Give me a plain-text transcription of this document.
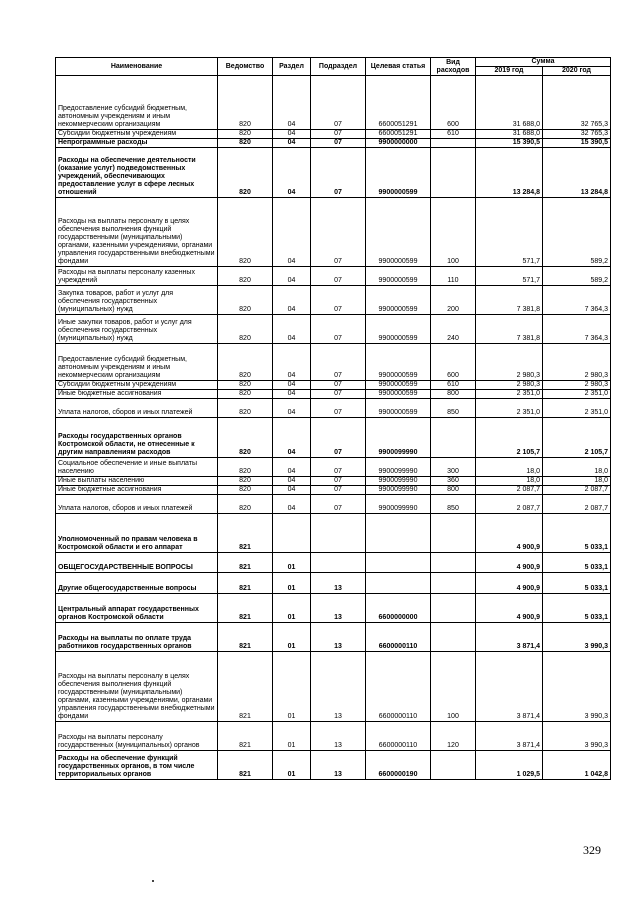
Наименование	Ведомство	Раздел	Подраздел	Целевая статья	Вид расходов	Сумма	
						2019 год	2020 год
Предоставление субсидий бюджетным, автономным учреждениям и иным некоммерческим организациям	820	04	07	6600051291	600	31 688,0	32 765,3
Субсидии бюджетным учреждениям	820	04	07	6600051291	610	31 688,0	32 765,3
Непрограммные расходы	820	04	07	9900000000		15 390,5	15 390,5
Расходы на обеспечение деятельности (оказание услуг) подведомственных учреждений, обеспечивающих предоставление услуг в сфере лесных отношений	820	04	07	9900000599		13 284,8	13 284,8
Расходы на выплаты персоналу в целях обеспечения выполнения функций государственными (муниципальными) органами, казенными учреждениями, органами управления государственными внебюджетными фондами	820	04	07	9900000599	100	571,7	589,2
Расходы на выплаты персоналу казенных учреждений	820	04	07	9900000599	110	571,7	589,2
Закупка товаров, работ и услуг для обеспечения государственных (муниципальных) нужд	820	04	07	9900000599	200	7 381,8	7 364,3
Иные закупки товаров, работ и услуг для обеспечения государственных (муниципальных) нужд	820	04	07	9900000599	240	7 381,8	7 364,3
Предоставление субсидий бюджетным, автономным учреждениям и иным некоммерческим организациям	820	04	07	9900000599	600	2 980,3	2 980,3
Субсидии бюджетным учреждениям	820	04	07	9900000599	610	2 980,3	2 980,3
Иные бюджетные ассигнования	820	04	07	9900000599	800	2 351,0	2 351,0
Уплата налогов, сборов и иных платежей	820	04	07	9900000599	850	2 351,0	2 351,0
Расходы государственных органов Костромской области, не отнесенные к другим направлениям расходов	820	04	07	9900099990		2 105,7	2 105,7
Социальное обеспечение и иные выплаты населению	820	04	07	9900099990	300	18,0	18,0
Иные выплаты населению	820	04	07	9900099990	360	18,0	18,0
Иные бюджетные ассигнования	820	04	07	9900099990	800	2 087,7	2 087,7
Уплата налогов, сборов и иных платежей	820	04	07	9900099990	850	2 087,7	2 087,7
Уполномоченный по правам человека в Костромской области и его аппарат	821					4 900,9	5 033,1
ОБЩЕГОСУДАРСТВЕННЫЕ ВОПРОСЫ	821	01				4 900,9	5 033,1
Другие общегосударственные вопросы	821	01	13			4 900,9	5 033,1
Центральный аппарат государственных органов Костромской области	821	01	13	6600000000		4 900,9	5 033,1
Расходы на выплаты по оплате труда работников государственных органов	821	01	13	6600000110		3 871,4	3 990,3
Расходы на выплаты персоналу в целях обеспечения выполнения функций государственными (муниципальными) органами, казенными учреждениями, органами управления государственными внебюджетными фондами	821	01	13	6600000110	100	3 871,4	3 990,3
Расходы на выплаты персоналу государственных (муниципальных) органов	821	01	13	6600000110	120	3 871,4	3 990,3
Расходы на обеспечение функций государственных органов, в том числе территориальных органов	821	01	13	6600000190		1 029,5	1 042,8
329
